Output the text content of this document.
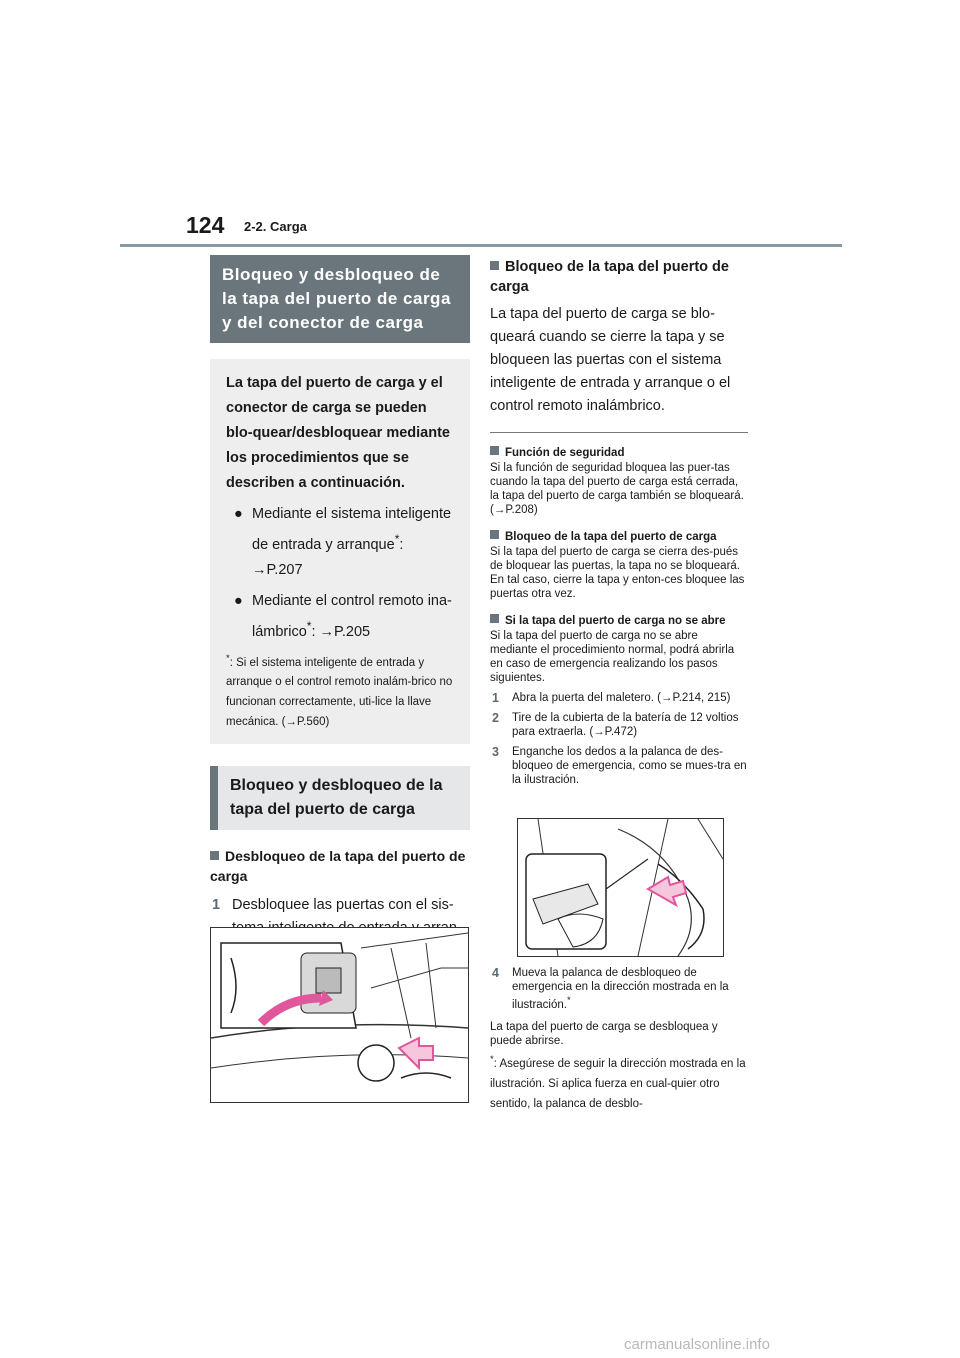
124 2-2. Carga
Bloqueo y desbloqueo de la tapa del puerto de carga y del conector de carga
La tapa del puerto de carga y el conector de carga se pueden blo-quear/desbloquear mediante los procedimientos que se describen a continuación.
● Mediante el sistema inteligente de entrada y arranque*: →P.207
● Mediante el control remoto ina-lámbrico*: →P.205
*: Si el sistema inteligente de entrada y arranque o el control remoto inalám-brico no funcionan correctamente, uti-lice la llave mecánica. (→P.560)
Bloqueo y desbloqueo de la tapa del puerto de carga
Desbloqueo de la tapa del puerto de carga
1 Desbloquee las puertas con el sis-
Bloqueo de la tapa del puerto de carga
La tapa del puerto de carga se blo-queará cuando se cierre la tapa y se bloqueen las puertas con el sistema inteligente de entrada y arranque o el control remoto inalámbrico.
Función de seguridad
Si la función de seguridad bloquea las puer-tas cuando la tapa del puerto de carga está cerrada, la tapa del puerto de carga también se bloqueará. (→P.208)
Bloqueo de la tapa del puerto de carga
Si la tapa del puerto de carga se cierra des-pués de bloquear las puertas, la tapa no se bloqueará. En tal caso, cierre la tapa y enton-ces bloquee las puertas otra vez.
Si la tapa del puerto de carga no se abre
Si la tapa del puerto de carga no se abre mediante el procedimiento normal, podrá abrirla en caso de emergencia realizando los pasos siguientes.
1 Abra la puerta del maletero. (→P.214, 215)
2 Tire de la cubierta de la batería de 12 voltios para extraerla. (→P.472)
3 Enganche los dedos a la palanca de des-bloqueo de emergencia, como se mues-tra en la ilustración.
4 Mueva la palanca de desbloqueo de emergencia en la dirección mostrada en la ilustración.*
La tapa del puerto de carga se desbloquea y puede abrirse.
*: Asegúrese de seguir la dirección mostrada en la ilustración. Si aplica fuerza en cual-quier otro sentido, la palanca de desblo-
carmanualsonline.info
